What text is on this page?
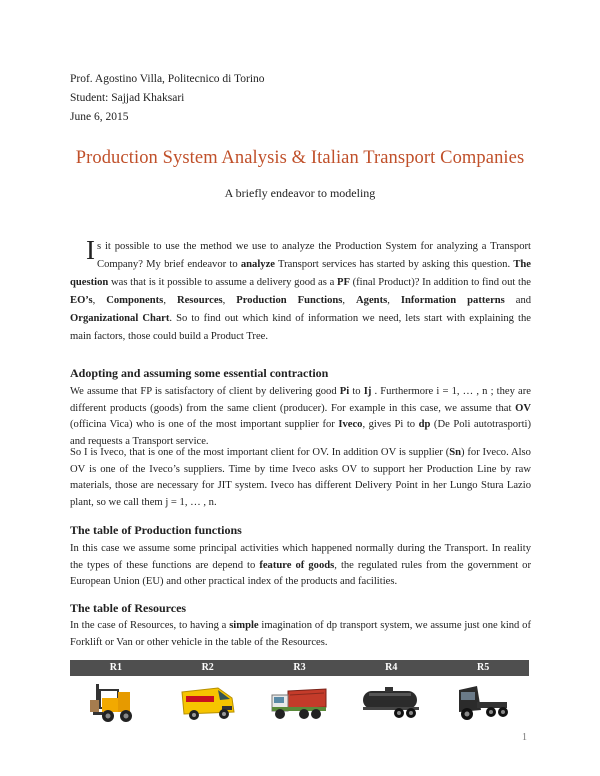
Prof. Agostino Villa, Politecnico di Torino
Student: Sajjad Khaksari
June 6, 2015
Production System Analysis & Italian Transport Companies
A briefly endeavor to modeling
Is it possible to use the method we use to analyze the Production System for analyzing a Transport Company? My brief endeavor to analyze Transport services has started by asking this question. The question was that is it possible to assume a delivery good as a PF (final Product)? In addition to find out the EO’s, Components, Resources, Production Functions, Agents, Information patterns and Organizational Chart. So to find out which kind of information we need, lets start with explaining the main factors, those could build a Product Tree.
Adopting and assuming some essential contraction
We assume that FP is satisfactory of client by delivering good Pi to Ij . Furthermore i = 1, … , n ; they are different products (goods) from the same client (producer). For example in this case, we assume that OV (officina Vica) who is one of the most important supplier for Iveco, gives Pi to dp (De Poli autotrasporti) and requests a Transport service.
So I is Iveco, that is one of the most important client for OV. In addition OV is supplier (Sn) for Iveco. Also OV is one of the Iveco’s suppliers. Time by time Iveco asks OV to support her Production Line by raw materials, those are necessary for JIT system. Iveco has different Delivery Point in her Lungo Stura Lazio plant, so we call them j = 1, … , n.
The table of Production functions
In this case we assume some principal activities which happened normally during the Transport. In reality the types of these functions are depend to feature of goods, the regulated rules from the government or European Union (EU) and other practical index of the products and facilities.
The table of Resources
In the case of Resources, to having a simple imagination of dp transport system, we assume just one kind of Forklift or Van or other vehicle in the table of the Resources.
R1	R2	R3	R4	R5
1
